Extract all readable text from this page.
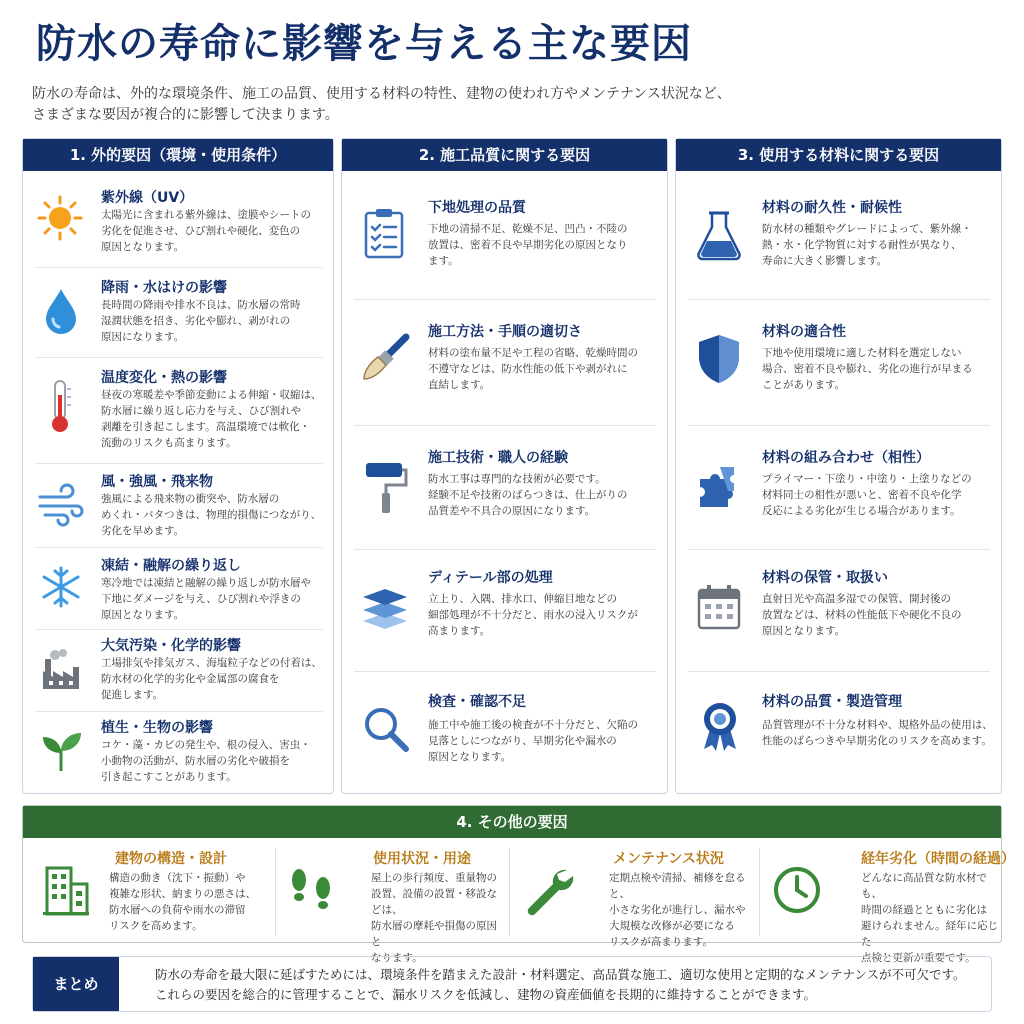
防水の寿命に影響を与える主な要因
防水の寿命は、外的な環境条件、施工の品質、使用する材料の特性、建物の使われ方やメンテナンス状況など、
さまざまな要因が複合的に影響して決まります。
1. 外的要因（環境・使用条件）
紫外線（UV）
太陽光に含まれる紫外線は、塗膜やシートの
劣化を促進させ、ひび割れや硬化、変色の
原因となります。
降雨・水はけの影響
長時間の降雨や排水不良は、防水層の常時
湿潤状態を招き、劣化や膨れ、剥がれの
原因になります。
温度変化・熱の影響
昼夜の寒暖差や季節変動による伸縮・収縮は、
防水層に繰り返し応力を与え、ひび割れや
剥離を引き起こします。高温環境では軟化・
流動のリスクも高まります。
風・強風・飛来物
強風による飛来物の衝突や、防水層の
めくれ・バタつきは、物理的損傷につながり、
劣化を早めます。
凍結・融解の繰り返し
寒冷地では凍結と融解の繰り返しが防水層や
下地にダメージを与え、ひび割れや浮きの
原因となります。
大気汚染・化学的影響
工場排気や排気ガス、海塩粒子などの付着は、
防水材の化学的劣化や金属部の腐食を
促進します。
植生・生物の影響
コケ・藻・カビの発生や、根の侵入、害虫・
小動物の活動が、防水層の劣化や破損を
引き起こすことがあります。
2. 施工品質に関する要因
下地処理の品質
下地の清掃不足、乾燥不足、凹凸・不陸の
放置は、密着不良や早期劣化の原因となり
ます。
施工方法・手順の適切さ
材料の塗布量不足や工程の省略、乾燥時間の
不遵守などは、防水性能の低下や剥がれに
直結します。
施工技術・職人の経験
防水工事は専門的な技術が必要です。
経験不足や技術のばらつきは、仕上がりの
品質差や不具合の原因になります。
ディテール部の処理
立上り、入隅、排水口、伸縮目地などの
細部処理が不十分だと、雨水の浸入リスクが
高まります。
検査・確認不足
施工中や施工後の検査が不十分だと、欠陥の
見落としにつながり、早期劣化や漏水の
原因となります。
3. 使用する材料に関する要因
材料の耐久性・耐候性
防水材の種類やグレードによって、紫外線・
熱・水・化学物質に対する耐性が異なり、
寿命に大きく影響します。
材料の適合性
下地や使用環境に適した材料を選定しない
場合、密着不良や膨れ、劣化の進行が早まる
ことがあります。
材料の組み合わせ（相性）
プライマー・下塗り・中塗り・上塗りなどの
材料同士の相性が悪いと、密着不良や化学
反応による劣化が生じる場合があります。
材料の保管・取扱い
直射日光や高温多湿での保管、開封後の
放置などは、材料の性能低下や硬化不良の
原因となります。
材料の品質・製造管理
品質管理が不十分な材料や、規格外品の使用は、
性能のばらつきや早期劣化のリスクを高めます。
4. その他の要因
建物の構造・設計
構造の動き（沈下・振動）や
複雑な形状、納まりの悪さは、
防水層への負荷や雨水の滞留
リスクを高めます。
使用状況・用途
屋上の歩行頻度、重量物の
設置、設備の設置・移設などは、
防水層の摩耗や損傷の原因と
なります。
メンテナンス状況
定期点検や清掃、補修を怠ると、
小さな劣化が進行し、漏水や
大規模な改修が必要になる
リスクが高まります。
経年劣化（時間の経過）
どんなに高品質な防水材でも、
時間の経過とともに劣化は
避けられません。経年に応じた
点検と更新が重要です。
まとめ
防水の寿命を最大限に延ばすためには、環境条件を踏まえた設計・材料選定、高品質な施工、適切な使用と定期的なメンテナンスが不可欠です。
これらの要因を総合的に管理することで、漏水リスクを低減し、建物の資産価値を長期的に維持することができます。
